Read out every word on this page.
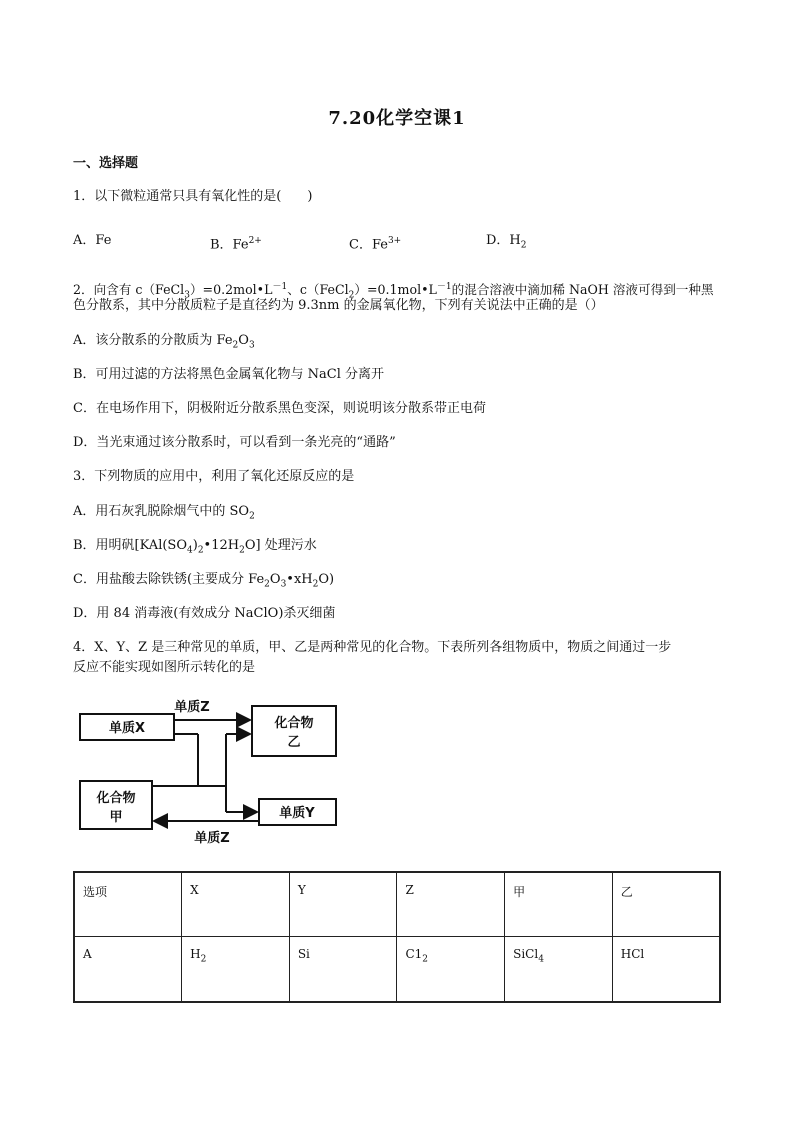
7.20化学空课1
一、选择题
1．以下微粒通常只具有氧化性的是(　　)
A．Fe	B．$Fe^{2+}$	C．$Fe^{3+}$	D．$H_2$
2．向含有 $c(FeCl_3)=0.2mol•L^{-1}$、$c(FeCl_2)=0.1mol•L^{-1}$的混合溶液中滴加稀 NaOH 溶液可得到一种黑
色分散系，其中分散质粒子是直径约为 9.3nm 的金属氧化物，下列有关说法中正确的是（）
A．该分散系的分散质为 $Fe_2O_3$
B．可用过滤的方法将黑色金属氧化物与 NaCl 分离开
C．在电场作用下，阴极附近分散系黑色变深，则说明该分散系带正电荷
D．当光束通过该分散系时，可以看到一条光亮的“通路”
3．下列物质的应用中，利用了氧化还原反应的是
A．用石灰乳脱除烟气中的 $SO_2$
B．用明矾$[KAl(SO_4)_2•12H_2O]$ 处理污水
C．用盐酸去除铁锈(主要成分 $Fe_2O_3•xH_2O$)
D．用 84 消毒液(有效成分 NaClO)杀灭细菌
4．X、Y、Z 是三种常见的单质，甲、乙是两种常见的化合物。下表所列各组物质中，物质之间通过一步
反应不能实现如图所示转化的是
单质X	化合物
乙
化合物
甲	单质Y
单质Z
单质Z
选项	X	Y	Z	甲	乙
A	$H_2$	Si	$C1_2$	SiCl$_4$	HCl
